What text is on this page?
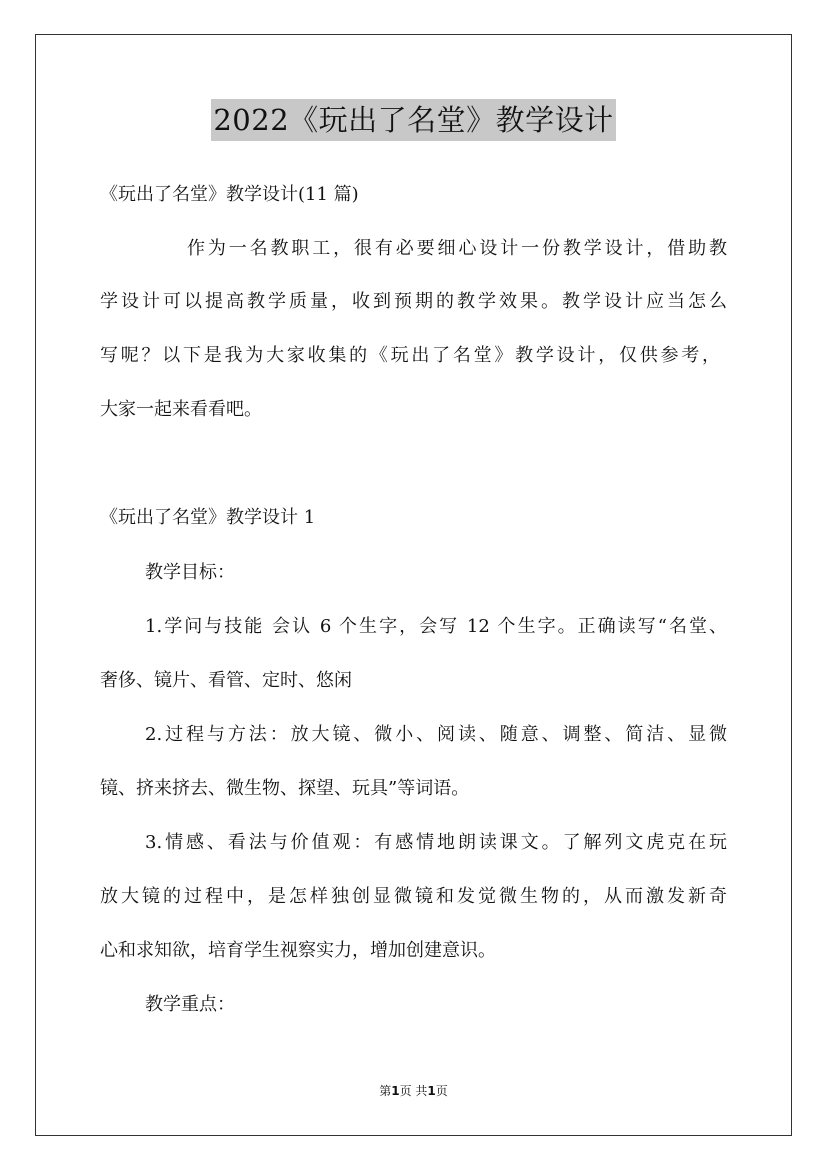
2022《玩出了名堂》教学设计
《玩出了名堂》教学设计(11 篇)
作为一名教职工，很有必要细心设计一份教学设计，借助教
学设计可以提高教学质量，收到预期的教学效果。教学设计应当怎么
写呢？以下是我为大家收集的《玩出了名堂》教学设计，仅供参考，
大家一起来看看吧。
《玩出了名堂》教学设计 1
教学目标：
1.学问与技能 会认 6 个生字，会写 12 个生字。正确读写“名堂、
奢侈、镜片、看管、定时、悠闲
2.过程与方法：放大镜、微小、阅读、随意、调整、简洁、显微
镜、挤来挤去、微生物、探望、玩具”等词语。
3.情感、看法与价值观：有感情地朗读课文。了解列文虎克在玩
放大镜的过程中，是怎样独创显微镜和发觉微生物的，从而激发新奇
心和求知欲，培育学生视察实力，增加创建意识。
教学重点：
第1页 共1页
